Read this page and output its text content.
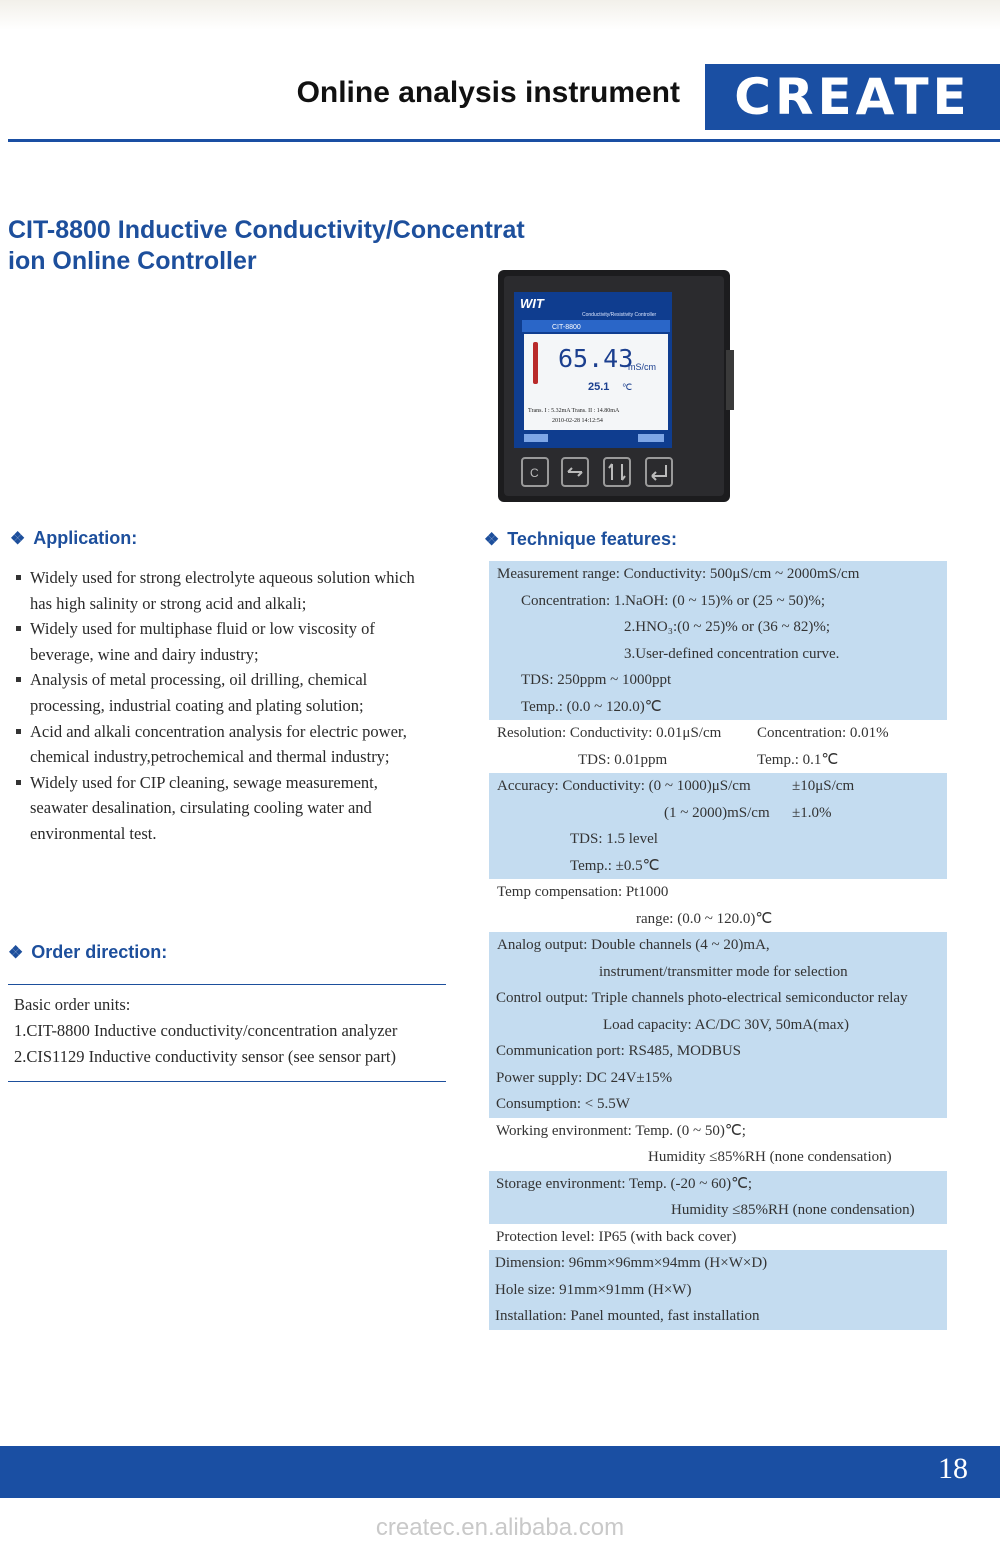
Online analysis instrument CREATE
CIT-8800 Inductive Conductivity/Concentrat
ion Online Controller
WIT
Conductivity/Resistivity Controller
CIT-8800
65.43
mS/cm
25.1 ℃
Trans. I : 5.32mA Trans. II : 14.80mA
2010-02-28 14:12:54
C
❖ Application:
Widely used for strong electrolyte aqueous solution which
has high salinity or strong acid and alkali;
Widely used for multiphase fluid or low viscosity of
beverage, wine and dairy industry;
Analysis of metal processing, oil drilling, chemical
processing, industrial coating and plating solution;
Acid and alkali concentration analysis for electric power,
chemical industry,petrochemical and thermal industry;
Widely used for CIP cleaning, sewage measurement,
seawater desalination, cirsulating cooling water and
environmental test.
❖ Order direction:
Basic order units:
1.CIT-8800 Inductive conductivity/concentration analyzer
2.CIS1129 Inductive conductivity sensor (see sensor part)
❖ Technique features:
Measurement range: Conductivity: 500μS/cm ~ 2000mS/cm
Concentration: 1.NaOH: (0 ~ 15)% or (25 ~ 50)%;
2.HNO₃:(0 ~ 25)% or (36 ~ 82)%;
3.User-defined concentration curve.
TDS: 250ppm ~ 1000ppt
Temp.: (0.0 ~ 120.0)℃
Resolution: Conductivity: 0.01μS/cm Concentration: 0.01%
TDS: 0.01ppm	Temp.: 0.1℃
Accuracy: Conductivity: (0 ~ 1000)μS/cm	±10μS/cm
(1 ~ 2000)mS/cm ±1.0%
TDS: 1.5 level
Temp.: ±0.5℃
Temp compensation: Pt1000
range: (0.0 ~ 120.0)℃
Analog output: Double channels (4 ~ 20)mA,
instrument/transmitter mode for selection
Control output: Triple channels photo-electrical semiconductor relay
Load capacity: AC/DC 30V, 50mA(max)
Communication port: RS485, MODBUS
Power supply: DC 24V±15%
Consumption: < 5.5W
Working environment: Temp. (0 ~ 50)℃;
Humidity ≤85%RH (none condensation)
Storage environment: Temp. (-20 ~ 60)℃;
Humidity ≤85%RH (none condensation)
Protection level: IP65 (with back cover)
Dimension: 96mm×96mm×94mm (H×W×D)
Hole size: 91mm×91mm (H×W)
Installation: Panel mounted, fast installation
18
createc.en.alibaba.com
